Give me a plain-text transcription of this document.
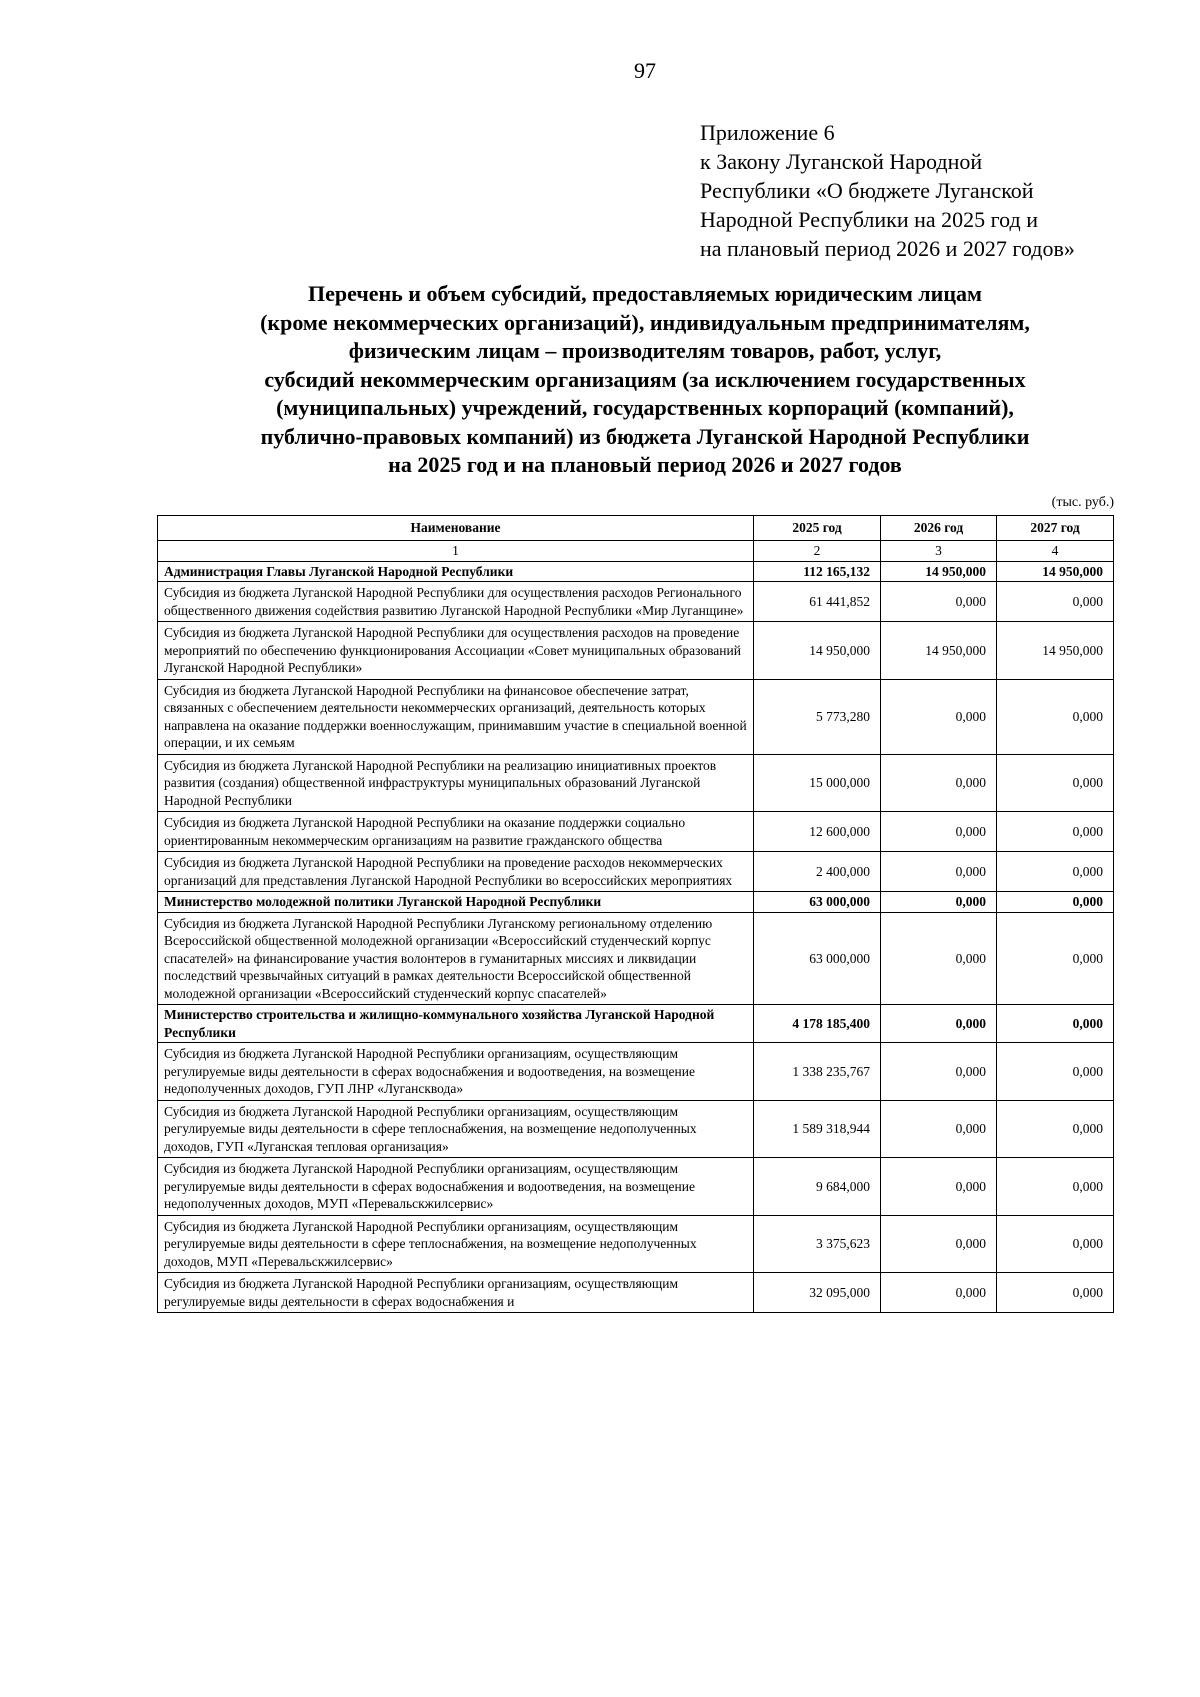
97
Приложение 6
к Закону Луганской Народной
Республики «О бюджете Луганской
Народной Республики на 2025 год и
на плановый период 2026 и 2027 годов»
Перечень и объем субсидий, предоставляемых юридическим лицам
(кроме некоммерческих организаций), индивидуальным предпринимателям,
физическим лицам – производителям товаров, работ, услуг,
субсидий некоммерческим организациям (за исключением государственных
(муниципальных) учреждений, государственных корпораций (компаний),
публично-правовых компаний) из бюджета Луганской Народной Республики
на 2025 год и на плановый период 2026 и 2027 годов
(тыс. руб.)
Наименование	2025 год	2026 год	2027 год
1	2	3	4
Администрация Главы Луганской Народной Республики	112 165,132	14 950,000	14 950,000
Субсидия из бюджета Луганской Народной Республики для осуществления расходов Регионального общественного движения содействия развитию Луганской Народной Республики «Мир Луганщине»	61 441,852	0,000	0,000
Субсидия из бюджета Луганской Народной Республики для осуществления расходов на проведение мероприятий по обеспечению функционирования Ассоциации «Совет муниципальных образований Луганской Народной Республики»	14 950,000	14 950,000	14 950,000
Субсидия из бюджета Луганской Народной Республики на финансовое обеспечение затрат, связанных с обеспечением деятельности некоммерческих организаций, деятельность которых направлена на оказание поддержки военнослужащим, принимавшим участие в специальной военной операции, и их семьям	5 773,280	0,000	0,000
Субсидия из бюджета Луганской Народной Республики на реализацию инициативных проектов развития (создания) общественной инфраструктуры муниципальных образований Луганской Народной Республики	15 000,000	0,000	0,000
Субсидия из бюджета Луганской Народной Республики на оказание поддержки социально ориентированным некоммерческим организациям на развитие гражданского общества	12 600,000	0,000	0,000
Субсидия из бюджета Луганской Народной Республики на проведение расходов некоммерческих организаций для представления Луганской Народной Республики во всероссийских мероприятиях	2 400,000	0,000	0,000
Министерство молодежной политики Луганской Народной Республики	63 000,000	0,000	0,000
Субсидия из бюджета Луганской Народной Республики Луганскому региональному отделению Всероссийской общественной молодежной организации «Всероссийский студенческий корпус спасателей» на финансирование участия волонтеров в гуманитарных миссиях и ликвидации последствий чрезвычайных ситуаций в рамках деятельности Всероссийской общественной молодежной организации «Всероссийский студенческий корпус спасателей»	63 000,000	0,000	0,000
Министерство строительства и жилищно-коммунального хозяйства Луганской Народной Республики	4 178 185,400	0,000	0,000
Субсидия из бюджета Луганской Народной Республики организациям, осуществляющим регулируемые виды деятельности в сферах водоснабжения и водоотведения, на возмещение недополученных доходов, ГУП ЛНР «Лугансквода»	1 338 235,767	0,000	0,000
Субсидия из бюджета Луганской Народной Республики организациям, осуществляющим регулируемые виды деятельности в сфере теплоснабжения, на возмещение недополученных доходов, ГУП «Луганская тепловая организация»	1 589 318,944	0,000	0,000
Субсидия из бюджета Луганской Народной Республики организациям, осуществляющим регулируемые виды деятельности в сферах водоснабжения и водоотведения, на возмещение недополученных доходов, МУП «Перевальскжилсервис»	9 684,000	0,000	0,000
Субсидия из бюджета Луганской Народной Республики организациям, осуществляющим регулируемые виды деятельности в сфере теплоснабжения, на возмещение недополученных доходов, МУП «Перевальскжилсервис»	3 375,623	0,000	0,000
Субсидия из бюджета Луганской Народной Республики организациям, осуществляющим регулируемые виды деятельности в сферах водоснабжения и	32 095,000	0,000	0,000
